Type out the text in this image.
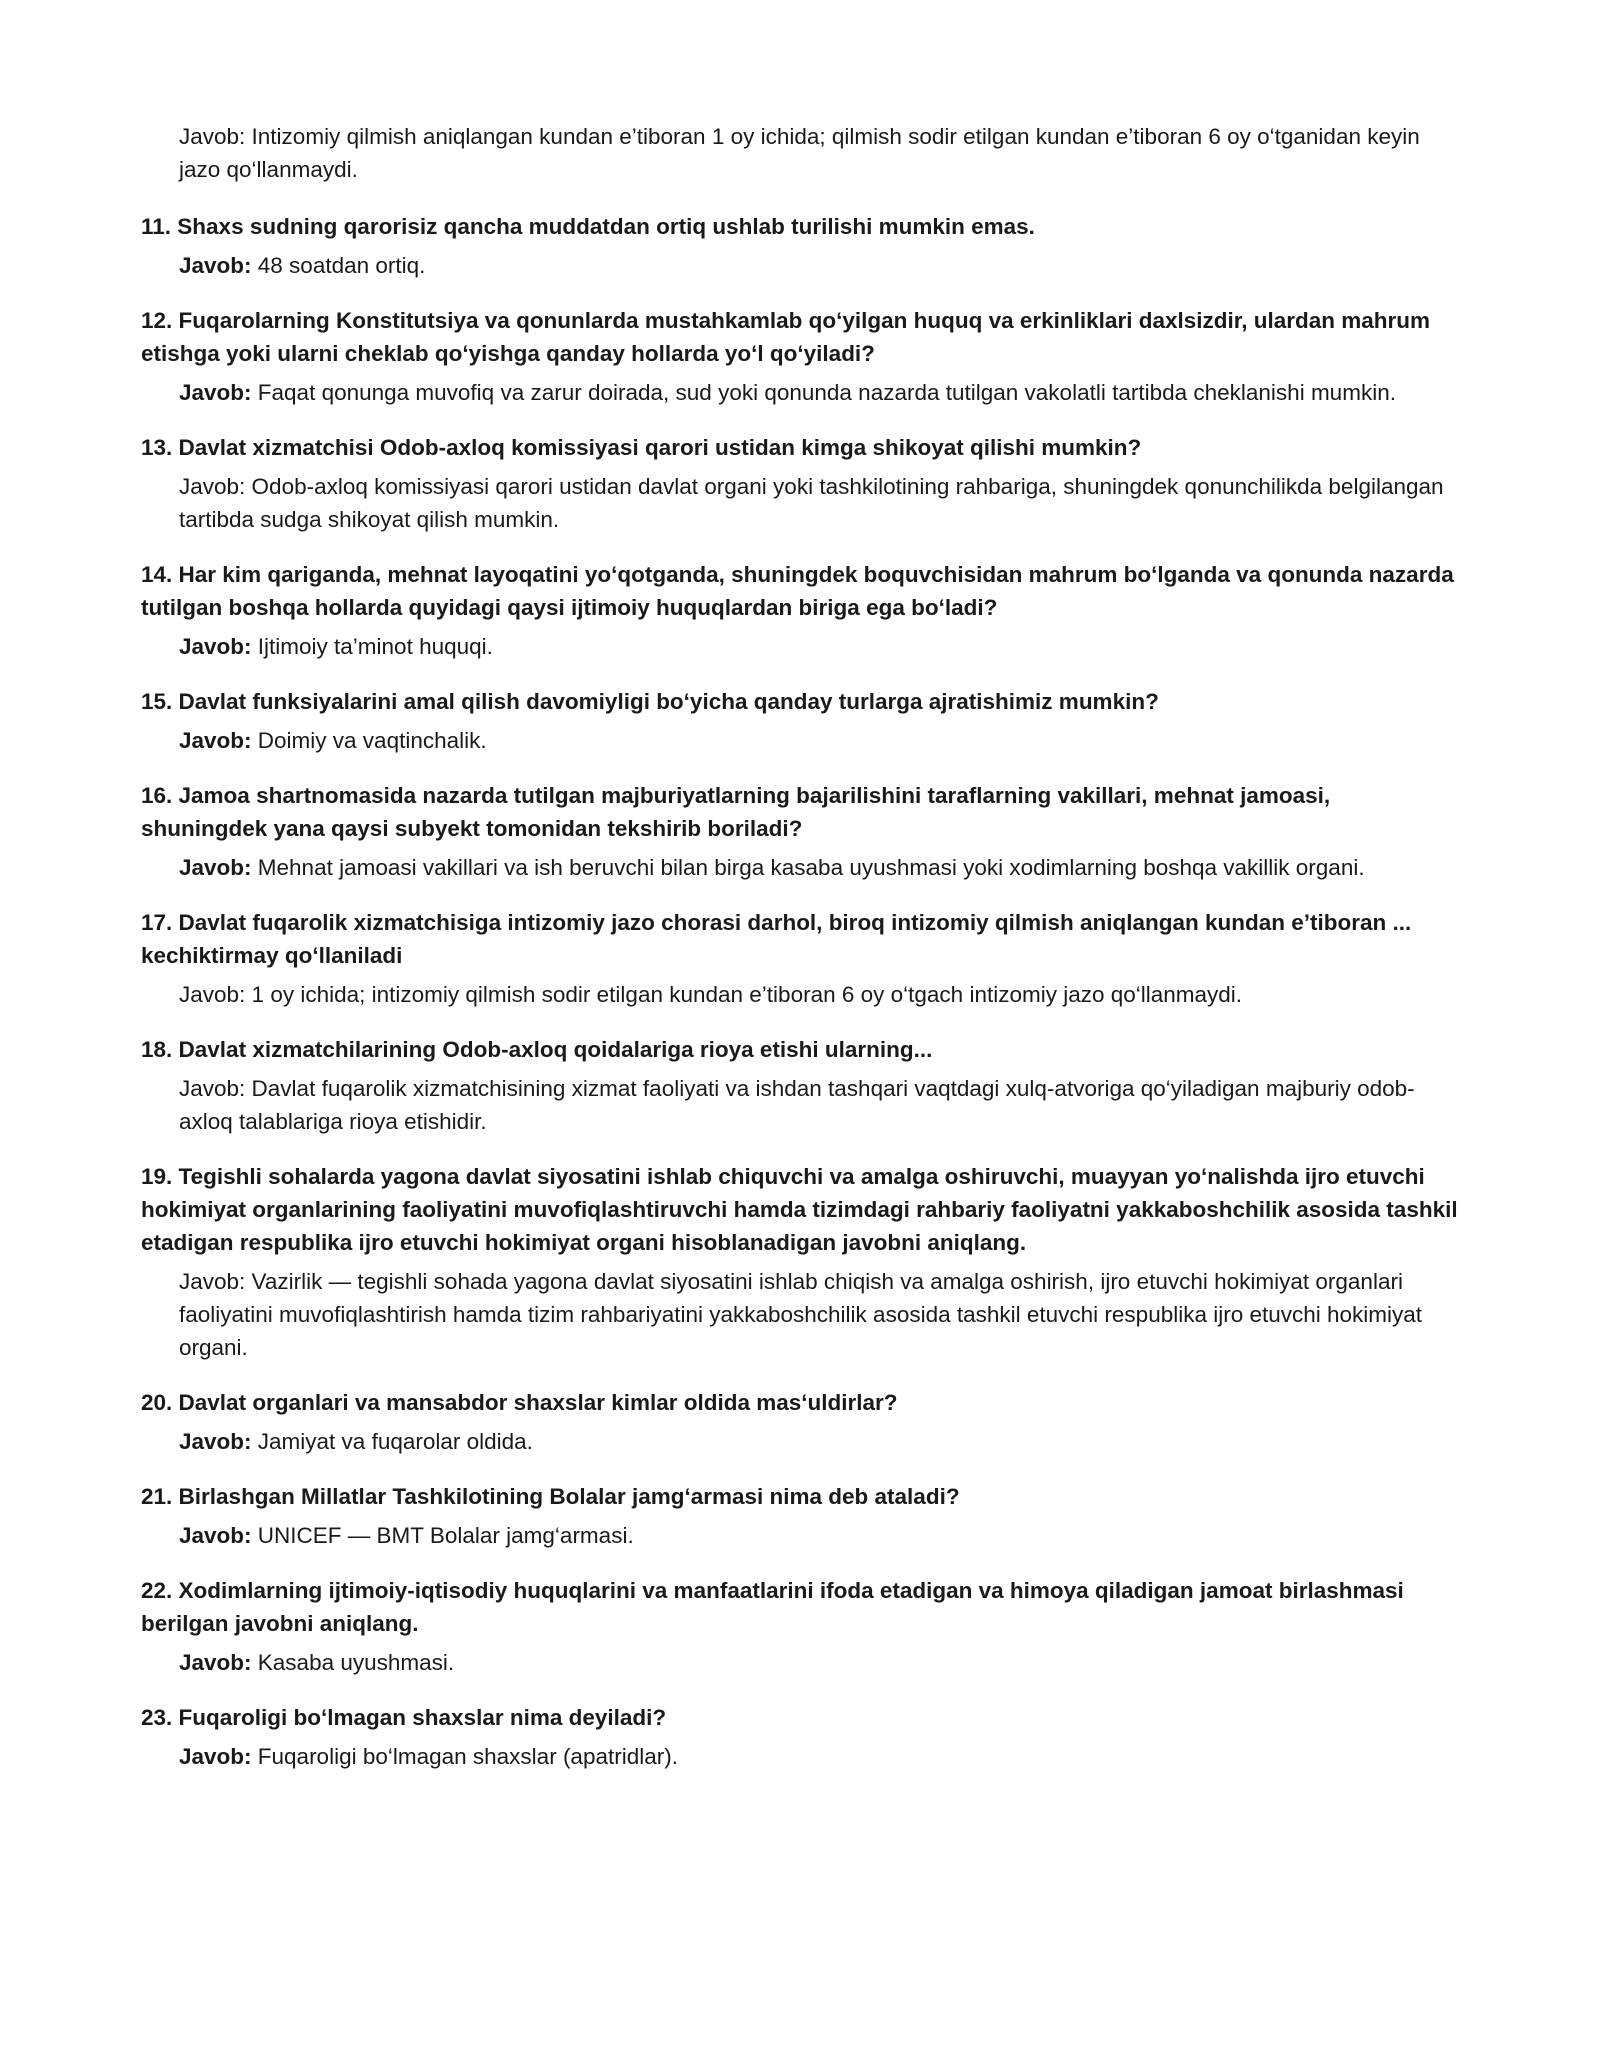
Javob: Intizomiy qilmish aniqlangan kundan e’tiboran 1 oy ichida; qilmish sodir etilgan kundan e’tiboran 6 oy o‘tganidan keyin jazo qo‘llanmaydi.
11. Shaxs sudning qarorisiz qancha muddatdan ortiq ushlab turilishi mumkin emas.
Javob: 48 soatdan ortiq.
12. Fuqarolarning Konstitutsiya va qonunlarda mustahkamlab qo‘yilgan huquq va erkinliklari daxlsizdir, ulardan mahrum etishga yoki ularni cheklab qo‘yishga qanday hollarda yo‘l qo‘yiladi?
Javob: Faqat qonunga muvofiq va zarur doirada, sud yoki qonunda nazarda tutilgan vakolatli tartibda cheklanishi mumkin.
13. Davlat xizmatchisi Odob-axloq komissiyasi qarori ustidan kimga shikoyat qilishi mumkin?
Javob: Odob-axloq komissiyasi qarori ustidan davlat organi yoki tashkilotining rahbariga, shuningdek qonunchilikda belgilangan tartibda sudga shikoyat qilish mumkin.
14. Har kim qariganda, mehnat layoqatini yo‘qotganda, shuningdek boquvchisidan mahrum bo‘lganda va qonunda nazarda tutilgan boshqa hollarda quyidagi qaysi ijtimoiy huquqlardan biriga ega bo‘ladi?
Javob: Ijtimoiy ta’minot huquqi.
15. Davlat funksiyalarini amal qilish davomiyligi bo‘yicha qanday turlarga ajratishimiz mumkin?
Javob: Doimiy va vaqtinchalik.
16. Jamoa shartnomasida nazarda tutilgan majburiyatlarning bajarilishini taraflarning vakillari, mehnat jamoasi, shuningdek yana qaysi subyekt tomonidan tekshirib boriladi?
Javob: Mehnat jamoasi vakillari va ish beruvchi bilan birga kasaba uyushmasi yoki xodimlarning boshqa vakillik organi.
17. Davlat fuqarolik xizmatchisiga intizomiy jazo chorasi darhol, biroq intizomiy qilmish aniqlangan kundan e’tiboran ... kechiktirmay qo‘llaniladi
Javob: 1 oy ichida; intizomiy qilmish sodir etilgan kundan e’tiboran 6 oy o‘tgach intizomiy jazo qo‘llanmaydi.
18. Davlat xizmatchilarining Odob-axloq qoidalariga rioya etishi ularning...
Javob: Davlat fuqarolik xizmatchisining xizmat faoliyati va ishdan tashqari vaqtdagi xulq-atvoriga qo‘yiladigan majburiy odob-axloq talablariga rioya etishidir.
19. Tegishli sohalarda yagona davlat siyosatini ishlab chiquvchi va amalga oshiruvchi, muayyan yo‘nalishda ijro etuvchi hokimiyat organlarining faoliyatini muvofiqlashtiruvchi hamda tizimdagi rahbariy faoliyatni yakkaboshchilik asosida tashkil etadigan respublika ijro etuvchi hokimiyat organi hisoblanadigan javobni aniqlang.
Javob: Vazirlik — tegishli sohada yagona davlat siyosatini ishlab chiqish va amalga oshirish, ijro etuvchi hokimiyat organlari faoliyatini muvofiqlashtirish hamda tizim rahbariyatini yakkaboshchilik asosida tashkil etuvchi respublika ijro etuvchi hokimiyat organi.
20. Davlat organlari va mansabdor shaxslar kimlar oldida mas‘uldirlar?
Javob: Jamiyat va fuqarolar oldida.
21. Birlashgan Millatlar Tashkilotining Bolalar jamg‘armasi nima deb ataladi?
Javob: UNICEF — BMT Bolalar jamg‘armasi.
22. Xodimlarning ijtimoiy-iqtisodiy huquqlarini va manfaatlarini ifoda etadigan va himoya qiladigan jamoat birlashmasi berilgan javobni aniqlang.
Javob: Kasaba uyushmasi.
23. Fuqaroligi bo‘lmagan shaxslar nima deyiladi?
Javob: Fuqaroligi bo‘lmagan shaxslar (apatridlar).
